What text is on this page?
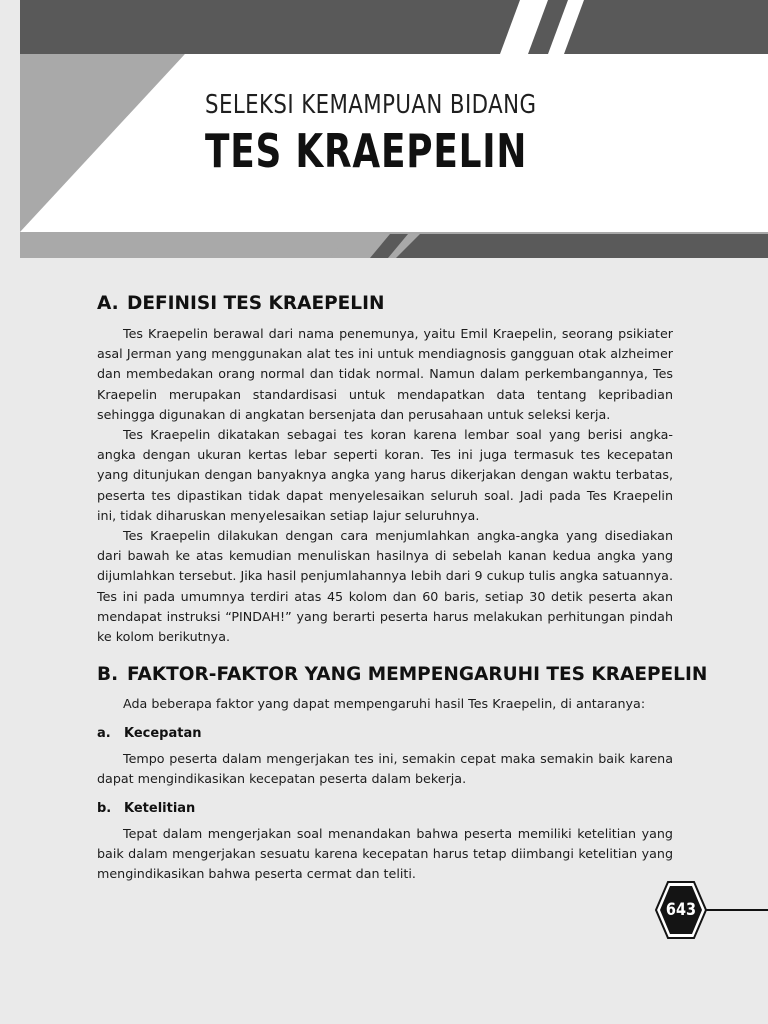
SELEKSI KEMAMPUAN BIDANG
TES KRAEPELIN
A. DEFINISI TES KRAEPELIN

Tes Kraepelin berawal dari nama penemunya, yaitu Emil Kraepelin, seorang psikiater asal Jerman yang menggunakan alat tes ini untuk mendiagnosis gangguan otak alzheimer dan membedakan orang normal dan tidak normal. Namun dalam perkembangannya, Tes Kraepelin merupakan standardisasi untuk mendapatkan data tentang kepribadian sehingga digunakan di angkatan bersenjata dan perusahaan untuk seleksi kerja.

Tes Kraepelin dikatakan sebagai tes koran karena lembar soal yang berisi angka-angka dengan ukuran kertas lebar seperti koran. Tes ini juga termasuk tes kecepatan yang ditunjukan dengan banyaknya angka yang harus dikerjakan dengan waktu terbatas, peserta tes dipastikan tidak dapat menyelesaikan seluruh soal. Jadi pada Tes Kraepelin ini, tidak diharuskan menyelesaikan setiap lajur seluruhnya.

Tes Kraepelin dilakukan dengan cara menjumlahkan angka-angka yang disediakan dari bawah ke atas kemudian menuliskan hasilnya di sebelah kanan kedua angka yang dijumlahkan tersebut. Jika hasil penjumlahannya lebih dari 9 cukup tulis angka satuannya. Tes ini pada umumnya terdiri atas 45 kolom dan 60 baris, setiap 30 detik peserta akan mendapat instruksi “PINDAH!” yang berarti peserta harus melakukan perhitungan pindah ke kolom berikutnya.

B. FAKTOR-FAKTOR YANG MEMPENGARUHI TES KRAEPELIN

Ada beberapa faktor yang dapat mempengaruhi hasil Tes Kraepelin, di antaranya:

a. Kecepatan

Tempo peserta dalam mengerjakan tes ini, semakin cepat maka semakin baik karena dapat mengindikasikan kecepatan peserta dalam bekerja.

b. Ketelitian

Tepat dalam mengerjakan soal menandakan bahwa peserta memiliki ketelitian yang baik dalam mengerjakan sesuatu karena kecepatan harus tetap diimbangi ketelitian yang mengindikasikan bahwa peserta cermat dan teliti.

643
